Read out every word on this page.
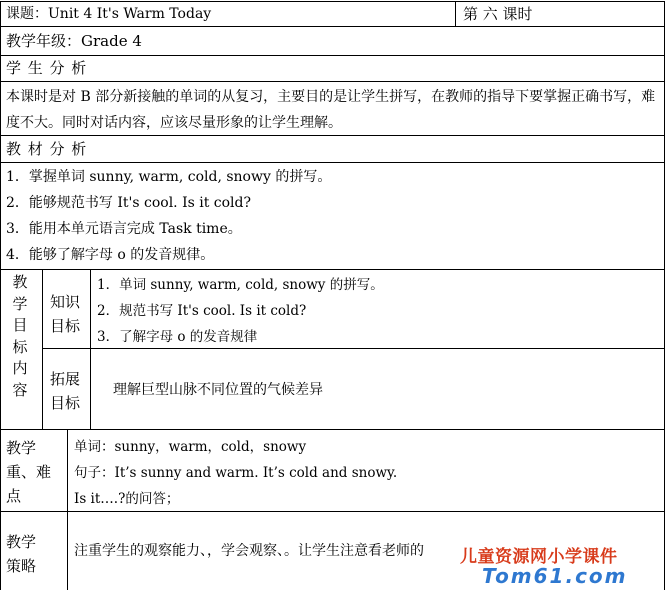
课题：Unit 4 It's Warm Today	第 六 课时
教学年级：Grade 4
学 生 分 析
本课时是对 B 部分新接触的单词的从复习，主要目的是让学生拼写，在教师的指导下要掌握正确书写，难度不大。同时对话内容，应该尽量形象的让学生理解。
教 材 分 析
1．掌握单词 sunny, warm, cold, snowy 的拼写。
2．能够规范书写 It's cool. Is it cold?
3．能用本单元语言完成 Task time。
4．能够了解字母 o 的发音规律。
教
学
目
标
内
容
知识
目标
1．单词 sunny, warm, cold, snowy 的拼写。
2．规范书写 It's cool. Is it cold?
3．了解字母 o 的发音规律
拓展
目标
理解巨型山脉不同位置的气候差异
教学
重、难
点
单词：sunny，warm，cold，snowy
句子：It’s sunny and warm. It’s cold and snowy.
Is it….?的问答；
教学
策略
注重学生的观察能力、，学会观察、。让学生注意看老师的 儿童资源网小学课件
Tom61.com
